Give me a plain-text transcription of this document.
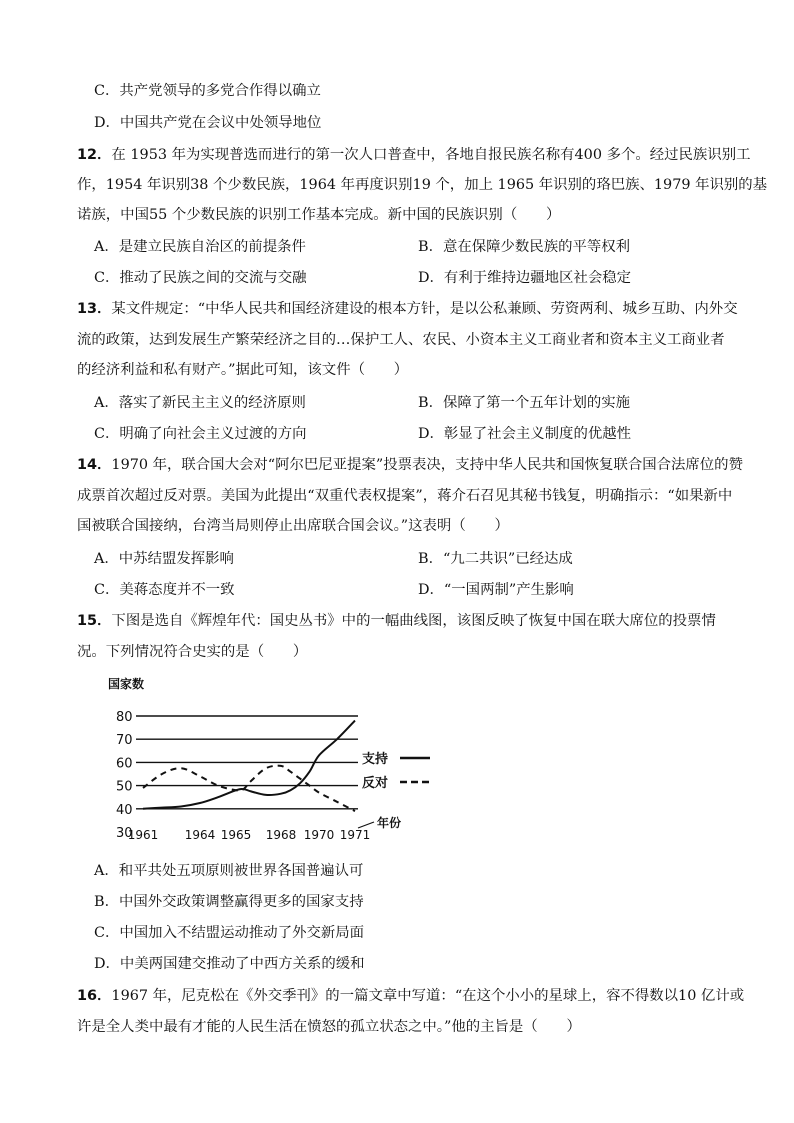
C．共产党领导的多党合作得以确立
D．中国共产党在会议中处领导地位
12．在 1953 年为实现普选而进行的第一次人口普查中，各地自报民族名称有400 多个。经过民族识别工
作，1954 年识别38 个少数民族，1964 年再度识别19 个，加上 1965 年识别的珞巴族、1979 年识别的基
诺族，中国55 个少数民族的识别工作基本完成。新中国的民族识别（　　）
A．是建立民族自治区的前提条件	B．意在保障少数民族的平等权利
C．推动了民族之间的交流与交融	D．有利于维持边疆地区社会稳定
13．某文件规定：“中华人民共和国经济建设的根本方针，是以公私兼顾、劳资两利、城乡互助、内外交
流的政策，达到发展生产繁荣经济之目的…保护工人、农民、小资本主义工商业者和资本主义工商业者
的经济利益和私有财产。”据此可知，该文件（　　）
A．落实了新民主主义的经济原则	B．保障了第一个五年计划的实施
C．明确了向社会主义过渡的方向	D．彰显了社会主义制度的优越性
14．1970 年，联合国大会对“阿尔巴尼亚提案”投票表决，支持中华人民共和国恢复联合国合法席位的赞
成票首次超过反对票。美国为此提出“双重代表权提案”，蒋介石召见其秘书钱复，明确指示：“如果新中
国被联合国接纳，台湾当局则停止出席联合国会议。”这表明（　　）
A．中苏结盟发挥影响	B．“九二共识”已经达成
C．美蒋态度并不一致	D．“一国两制”产生影响
15．下图是选自《辉煌年代：国史丛书》中的一幅曲线图，该图反映了恢复中国在联大席位的投票情
况。下列情况符合史实的是（　　）
国家数
80
70
60
50
40
30
1961 1964 1965 1968 1970 1971
年份
支持
反对
A．和平共处五项原则被世界各国普遍认可
B．中国外交政策调整赢得更多的国家支持
C．中国加入不结盟运动推动了外交新局面
D．中美两国建交推动了中西方关系的缓和
16．1967 年，尼克松在《外交季刊》的一篇文章中写道：“在这个小小的星球上，容不得数以10 亿计或
许是全人类中最有才能的人民生活在愤怒的孤立状态之中。”他的主旨是（　　）
